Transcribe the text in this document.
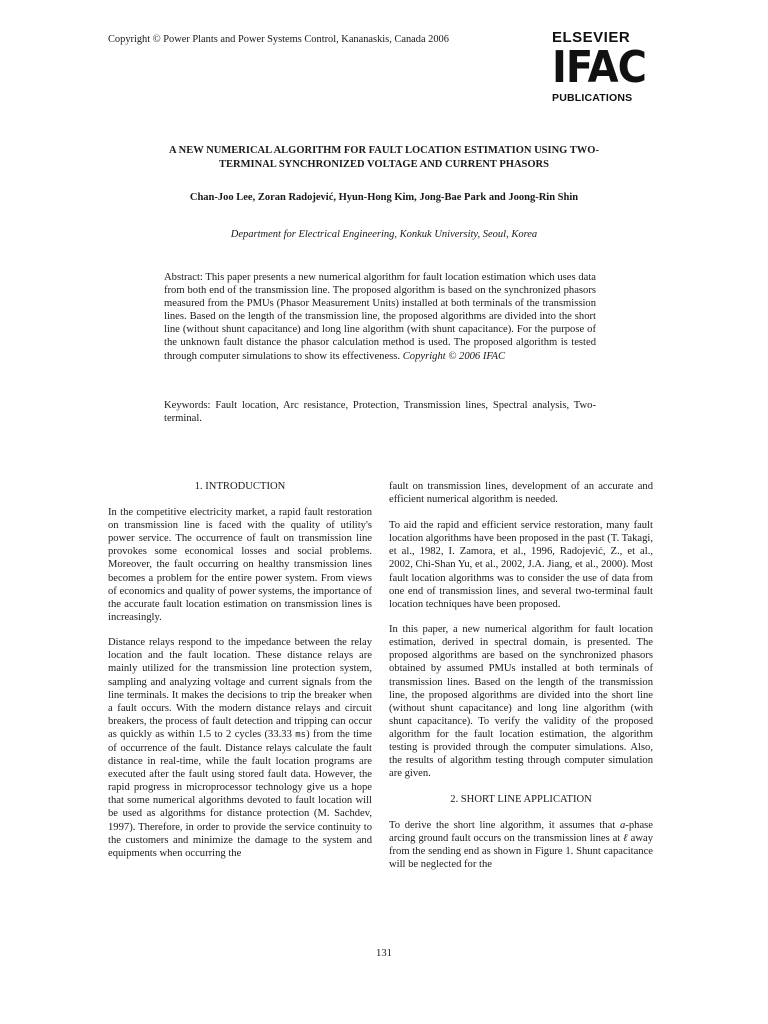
Copyright © Power Plants and Power Systems Control, Kananaskis, Canada 2006	ELSEVIER
IFAC
PUBLICATIONS
A NEW NUMERICAL ALGORITHM FOR FAULT LOCATION ESTIMATION USING TWO-
TERMINAL SYNCHRONIZED VOLTAGE AND CURRENT PHASORS
Chan-Joo Lee, Zoran Radojević, Hyun-Hong Kim, Jong-Bae Park and Joong-Rin Shin
Department for Electrical Engineering, Konkuk University, Seoul, Korea
Abstract: This paper presents a new numerical algorithm for fault location estimation which uses data from both end of the transmission line. The proposed algorithm is based on the synchronized phasors measured from the PMUs (Phasor Measurement Units) installed at both terminals of the transmission lines. Based on the length of the transmission line, the proposed algorithms are divided into the short line (without shunt capacitance) and long line algorithm (with shunt capacitance). For the purpose of the unknown fault distance the phasor calculation method is used. The proposed algorithm is tested through computer simulations to show its effectiveness. Copyright © 2006 IFAC
Keywords: Fault location, Arc resistance, Protection, Transmission lines, Spectral analysis, Two-terminal.

1. INTRODUCTION

In the competitive electricity market, a rapid fault restoration on transmission line is faced with the quality of utility's power service. The occurrence of fault on transmission line provokes some economical losses and social problems. Moreover, the fault occurring on healthy transmission lines becomes a problem for the entire power system. From views of economics and quality of power systems, the importance of the accurate fault location estimation on transmission lines is increasingly.

Distance relays respond to the impedance between the relay location and the fault location. These distance relays are mainly utilized for the transmission line protection system, sampling and analyzing voltage and current signals from the line terminals. It makes the decisions to trip the breaker when a fault occurs. With the modern distance relays and circuit breakers, the process of fault detection and tripping can occur as quickly as within 1.5 to 2 cycles (33.33 ms) from the time of occurrence of the fault. Distance relays calculate the fault distance in real-time, while the fault location programs are executed after the fault using stored fault data. However, the rapid progress in microprocessor technology give us a hope that some numerical algorithms devoted to fault location will be used as algorithms for distance protection (M. Sachdev, 1997). Therefore, in order to provide the service continuity to the customers and minimize the damage to the system and equipments when occurring the

fault on transmission lines, development of an accurate and efficient numerical algorithm is needed.

To aid the rapid and efficient service restoration, many fault location algorithms have been proposed in the past (T. Takagi, et al., 1982, I. Zamora, et al., 1996, Radojević, Z., et al., 2002, Chi-Shan Yu, et al., 2002, J.A. Jiang, et al., 2000). Most fault location algorithms was to consider the use of data from one end of transmission lines, and several two-terminal fault location techniques have been proposed.

In this paper, a new numerical algorithm for fault location estimation, derived in spectral domain, is presented. The proposed algorithms are based on the synchronized phasors obtained by assumed PMUs installed at both terminals of transmission lines. Based on the length of the transmission line, the proposed algorithms are divided into the short line (without shunt capacitance) and long line algorithm (with shunt capacitance). To verify the validity of the proposed algorithm for the fault location estimation, the algorithm testing is provided through the computer simulations. Also, the results of algorithm testing through computer simulation are given.

2. SHORT LINE APPLICATION

To derive the short line algorithm, it assumes that a-phase arcing ground fault occurs on the transmission lines at ℓ away from the sending end as shown in Figure 1. Shunt capacitance will be neglected for the

131
